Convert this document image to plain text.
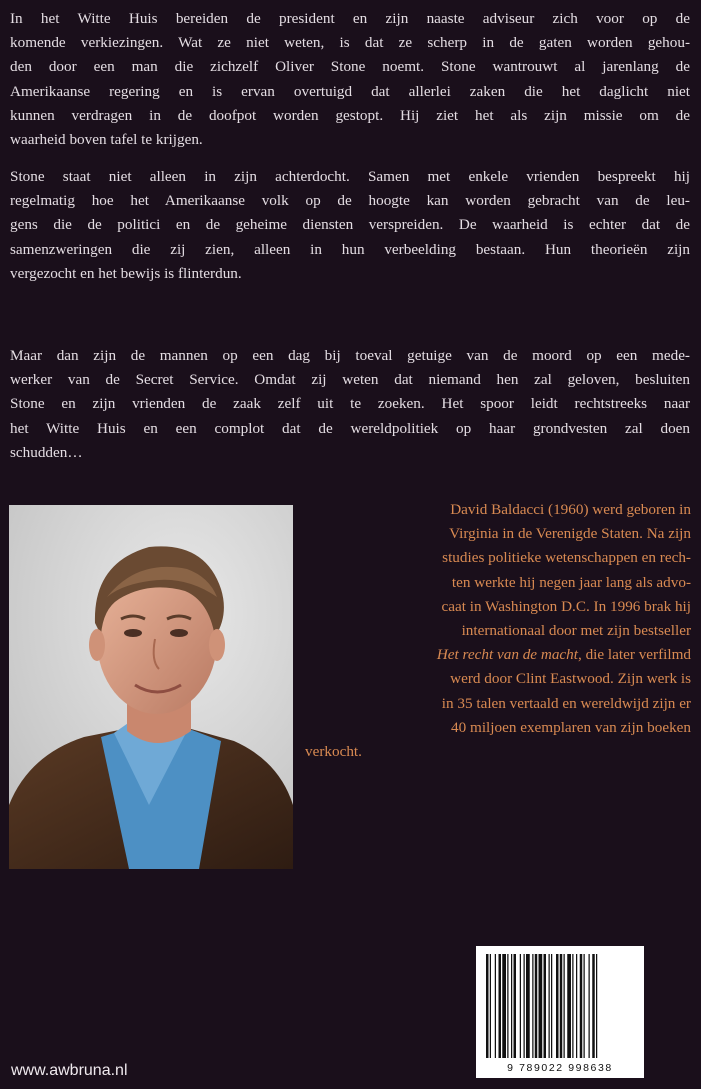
In het Witte Huis bereiden de president en zijn naaste adviseur zich voor op de
komende verkiezingen. Wat ze niet weten, is dat ze scherp in de gaten worden gehou-
den door een man die zichzelf Oliver Stone noemt. Stone wantrouwt al jarenlang de
Amerikaanse regering en is ervan overtuigd dat allerlei zaken die het daglicht niet
kunnen verdragen in de doofpot worden gestopt. Hij ziet het als zijn missie om de
waarheid boven tafel te krijgen.

Stone staat niet alleen in zijn achterdocht. Samen met enkele vrienden bespreekt hij
regelmatig hoe het Amerikaanse volk op de hoogte kan worden gebracht van de leu-
gens die de politici en de geheime diensten verspreiden. De waarheid is echter dat de
samenzweringen die zij zien, alleen in hun verbeelding bestaan. Hun theorieën zijn
vergezocht en het bewijs is flinterdun.

Maar dan zijn de mannen op een dag bij toeval getuige van de moord op een mede-
werker van de Secret Service. Omdat zij weten dat niemand hen zal geloven, besluiten
Stone en zijn vrienden de zaak zelf uit te zoeken. Het spoor leidt rechtstreeks naar
het Witte Huis en een complot dat de wereldpolitiek op haar grondvesten zal doen
schudden…

David Baldacci (1960) werd geboren in
Virginia in de Verenigde Staten. Na zijn
studies politieke wetenschappen en rech-
ten werkte hij negen jaar lang als advo-
caat in Washington D.C. In 1996 brak hij
internationaal door met zijn bestseller
Het recht van de macht, die later verfilmd
werd door Clint Eastwood. Zijn werk is
in 35 talen vertaald en wereldwijd zijn er
40 miljoen exemplaren van zijn boeken
verkocht.

9 789022 998638
www.awbruna.nl
